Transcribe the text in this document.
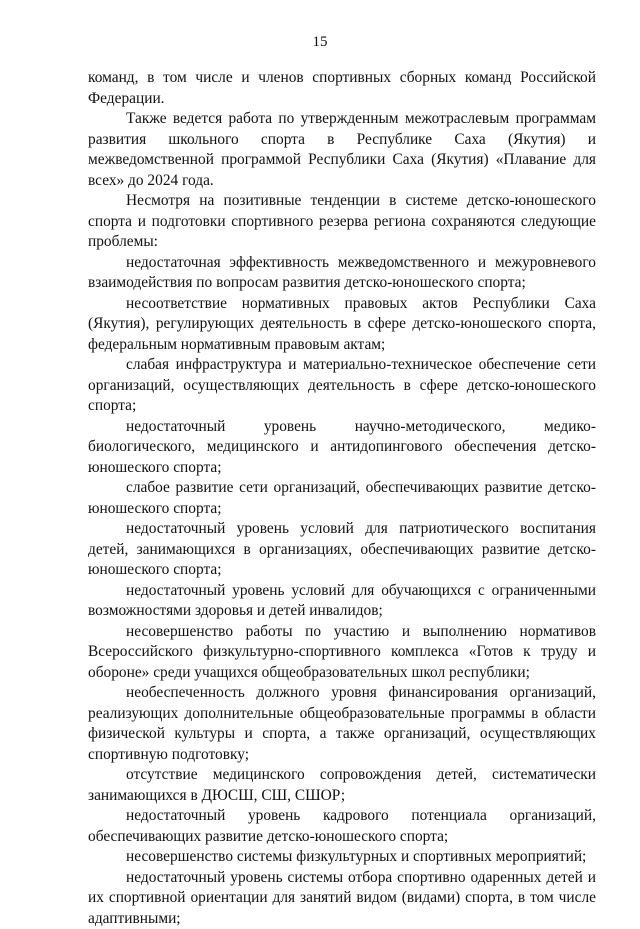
15

команд, в том числе и членов спортивных сборных команд Российской Федерации.

Также ведется работа по утвержденным межотраслевым программам развития школьного спорта в Республике Саха (Якутия) и межведомственной программой Республики Саха (Якутия) «Плавание для всех» до 2024 года.

Несмотря на позитивные тенденции в системе детско-юношеского спорта и подготовки спортивного резерва региона сохраняются следующие проблемы:

недостаточная эффективность межведомственного и межуровневого взаимодействия по вопросам развития детско-юношеского спорта;

несоответствие нормативных правовых актов Республики Саха (Якутия), регулирующих деятельность в сфере детско-юношеского спорта, федеральным нормативным правовым актам;

слабая инфраструктура и материально-техническое обеспечение сети организаций, осуществляющих деятельность в сфере детско-юношеского спорта;

недостаточный уровень научно-методического, медико-биологического, медицинского и антидопингового обеспечения детско-юношеского спорта;

слабое развитие сети организаций, обеспечивающих развитие детско-юношеского спорта;

недостаточный уровень условий для патриотического воспитания детей, занимающихся в организациях, обеспечивающих развитие детско-юношеского спорта;

недостаточный уровень условий для обучающихся с ограниченными возможностями здоровья и детей инвалидов;

несовершенство работы по участию и выполнению нормативов Всероссийского физкультурно-спортивного комплекса «Готов к труду и обороне» среди учащихся общеобразовательных школ республики;

необеспеченность должного уровня финансирования организаций, реализующих дополнительные общеобразовательные программы в области физической культуры и спорта, а также организаций, осуществляющих спортивную подготовку;

отсутствие медицинского сопровождения детей, систематически занимающихся в ДЮСШ, СШ, СШОР;

недостаточный уровень кадрового потенциала организаций, обеспечивающих развитие детско-юношеского спорта;

несовершенство системы физкультурных и спортивных мероприятий;

недостаточный уровень системы отбора спортивно одаренных детей и их спортивной ориентации для занятий видом (видами) спорта, в том числе адаптивными;
